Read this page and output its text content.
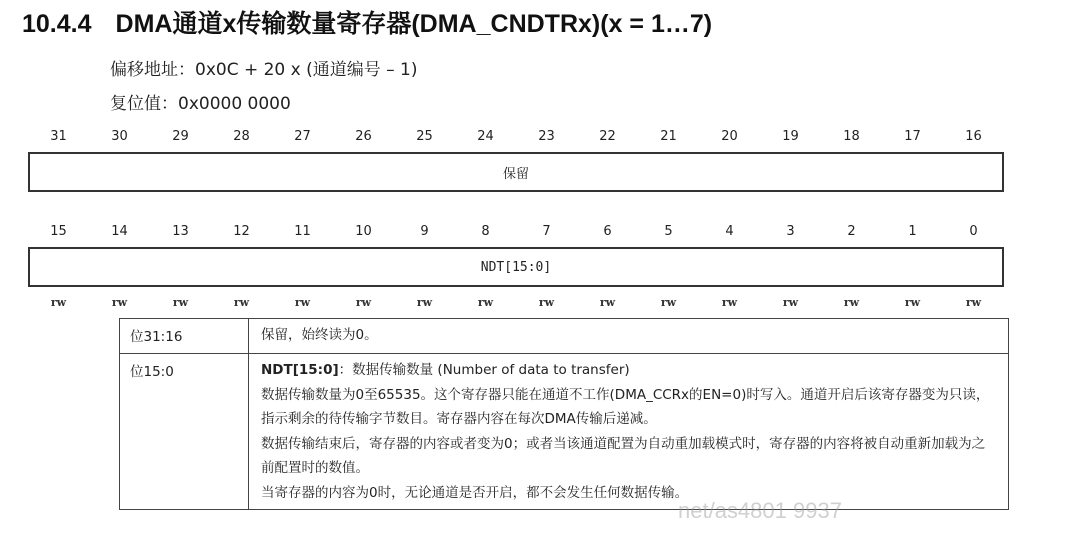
10.4.4 DMA通道x传输数量寄存器(DMA_CNDTRx)(x = 1…7)
偏移地址：0x0C + 20 x (通道编号 – 1)
复位值：0x0000 0000
31	30	29	28	27	26	25	24	23	22	21	20	19	18	17	16
保留
15	14	13	12	11	10	9	8	7	6	5	4	3	2	1	0
NDT[15:0]
rw	rw	rw	rw	rw	rw	rw	rw	rw	rw	rw	rw	rw	rw	rw	rw
位31:16	保留，始终读为0。
位15:0	NDT[15:0]：数据传输数量 (Number of data to transfer)
数据传输数量为0至65535。这个寄存器只能在通道不工作(DMA_CCRx的EN=0)时写入。通道开启后该寄存器变为只读，指示剩余的待传输字节数目。寄存器内容在每次DMA传输后递减。
数据传输结束后，寄存器的内容或者变为0；或者当该通道配置为自动重加载模式时，寄存器的内容将被自动重新加载为之前配置时的数值。
当寄存器的内容为0时，无论通道是否开启，都不会发生任何数据传输。
net/as4801 9937
